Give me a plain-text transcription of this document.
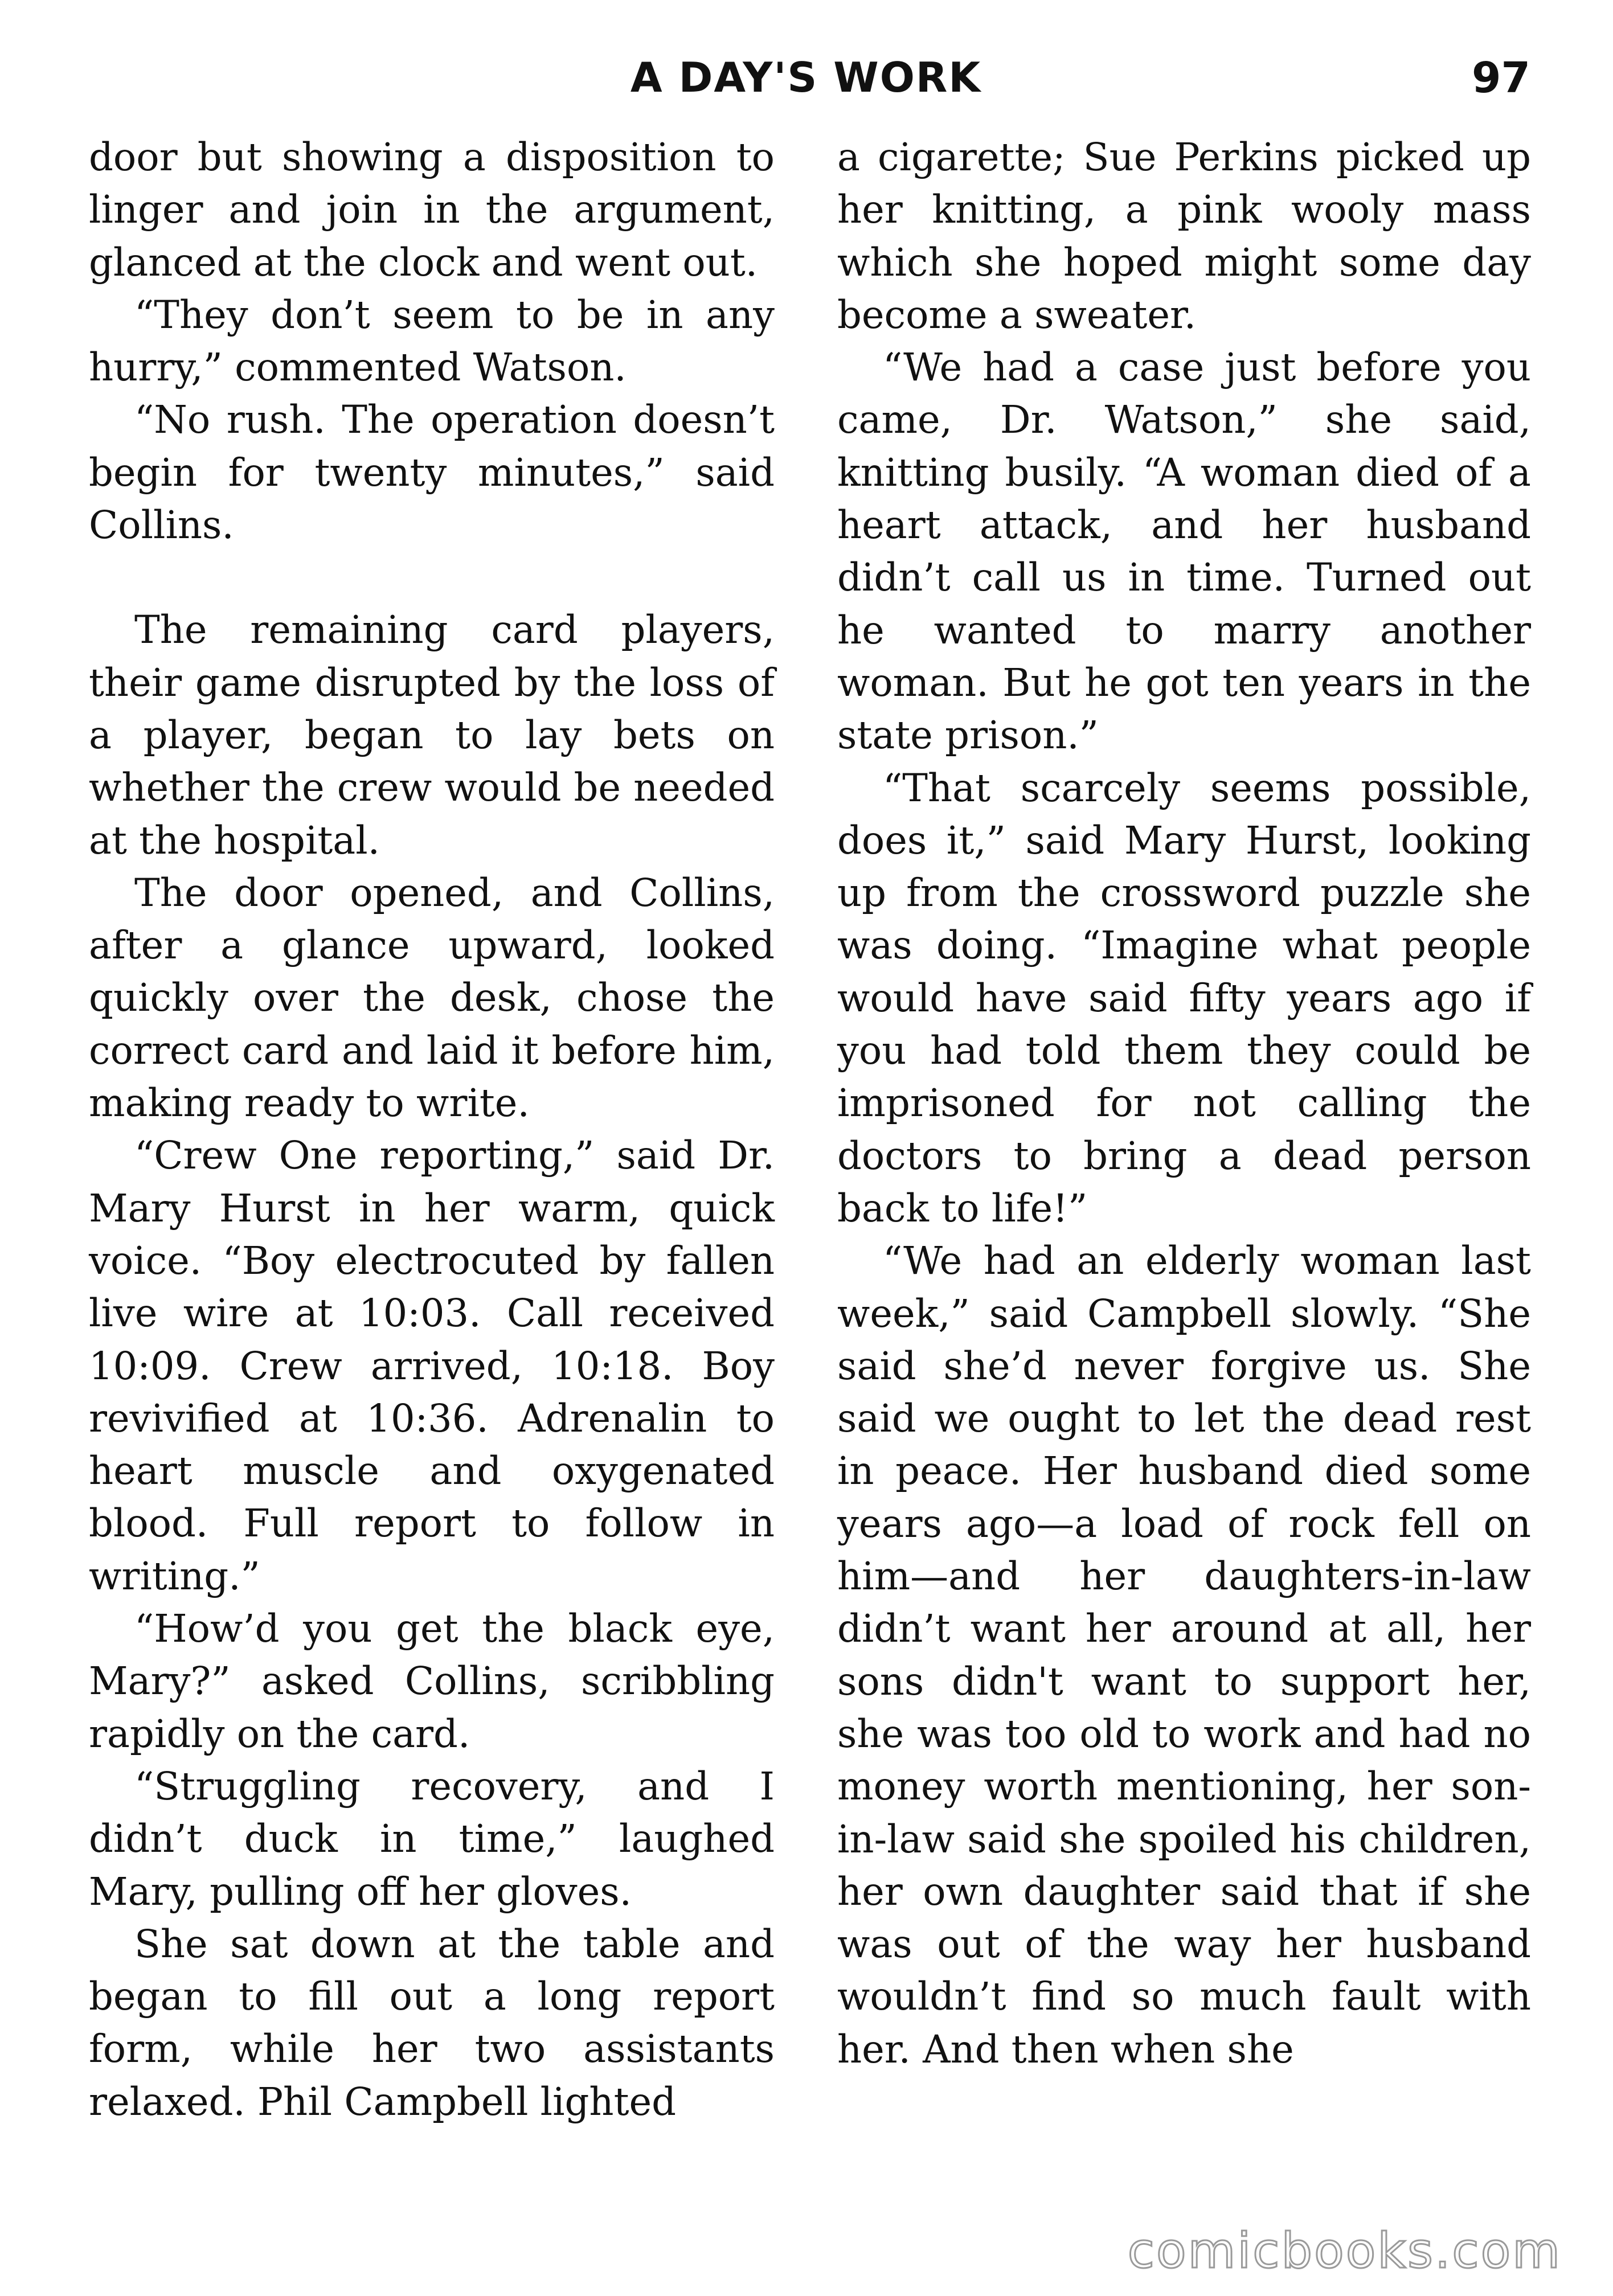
A DAY'S WORK	97

door but showing a disposition to linger and join in the argument, glanced at the clock and went out.

“They don’t seem to be in any hurry,” commented Watson.

“No rush. The operation doesn’t begin for twenty minutes,” said Collins.

The remaining card players, their game disrupted by the loss of a player, began to lay bets on whether the crew would be needed at the hospital.

The door opened, and Collins, after a glance upward, looked quickly over the desk, chose the correct card and laid it before him, making ready to write.

“Crew One reporting,” said Dr. Mary Hurst in her warm, quick voice. “Boy electrocuted by fallen live wire at 10:03. Call received 10:09. Crew arrived, 10:18. Boy revivified at 10:36. Adrenalin to heart muscle and oxygenated blood. Full report to follow in writing.”

“How’d you get the black eye, Mary?” asked Collins, scribbling rapidly on the card.

“Struggling recovery, and I didn’t duck in time,” laughed Mary, pulling off her gloves.

She sat down at the table and began to fill out a long report form, while her two assistants relaxed. Phil Campbell lighted

a cigarette; Sue Perkins picked up her knitting, a pink wooly mass which she hoped might some day become a sweater.

“We had a case just before you came, Dr. Watson,” she said, knitting busily. “A woman died of a heart attack, and her husband didn’t call us in time. Turned out he wanted to marry another woman. But he got ten years in the state prison.”

“That scarcely seems possible, does it,” said Mary Hurst, looking up from the crossword puzzle she was doing. “Imagine what people would have said fifty years ago if you had told them they could be imprisoned for not calling the doctors to bring a dead person back to life!”

“We had an elderly woman last week,” said Campbell slowly. “She said she’d never forgive us. She said we ought to let the dead rest in peace. Her husband died some years ago—a load of rock fell on him—and her daughters-in-law didn’t want her around at all, her sons didn't want to support her, she was too old to work and had no money worth mentioning, her son-in-law said she spoiled his children, her own daughter said that if she was out of the way her husband wouldn’t find so much fault with her. And then when she

comicbooks.com
